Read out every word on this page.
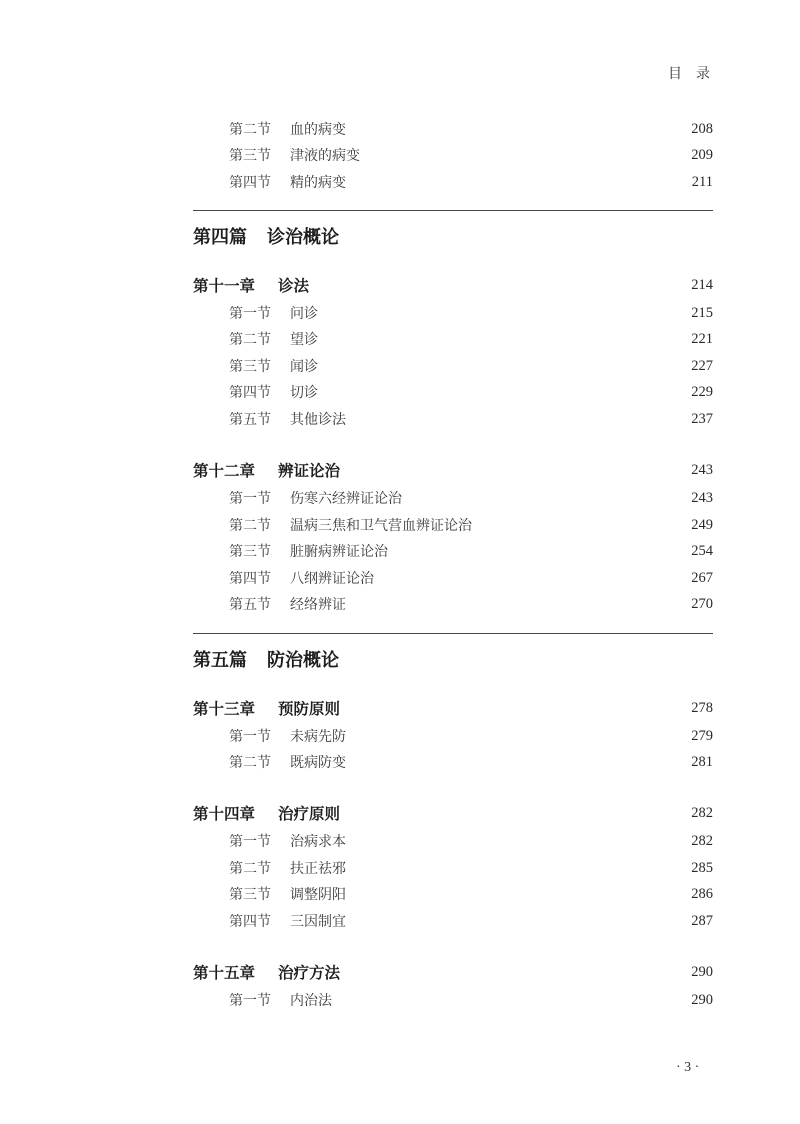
目录
第二节 血的病变	208
第三节 津液的病变	209
第四节 精的病变	211
第四篇 诊治概论
第十一章 诊法	214
第一节 问诊	215
第二节 望诊	221
第三节 闻诊	227
第四节 切诊	229
第五节 其他诊法	237
第十二章 辨证论治	243
第一节 伤寒六经辨证论治	243
第二节 温病三焦和卫气营血辨证论治	249
第三节 脏腑病辨证论治	254
第四节 八纲辨证论治	267
第五节 经络辨证	270
第五篇 防治概论
第十三章 预防原则	278
第一节 未病先防	279
第二节 既病防变	281
第十四章 治疗原则	282
第一节 治病求本	282
第二节 扶正祛邪	285
第三节 调整阴阳	286
第四节 三因制宜	287
第十五章 治疗方法	290
第一节 内治法	290
· 3 ·
